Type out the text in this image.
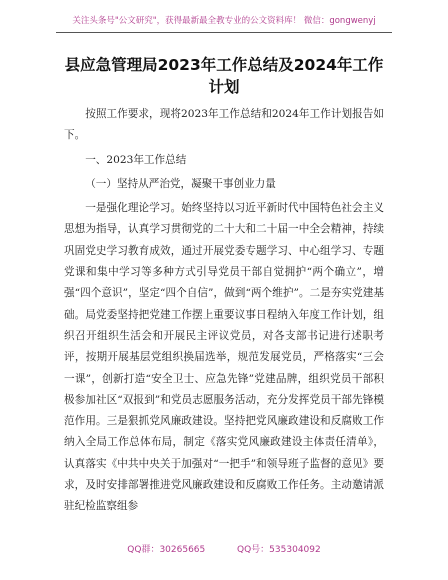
关注头条号"公文研究"，获得最新最全教专业的公文资料库！ 微信：gongwenyj
县应急管理局2023年工作总结及2024年工作
计划

按照工作要求，现将2023年工作总结和2024年工作计划报告如下。

一、2023年工作总结

（一）坚持从严治党，凝聚干事创业力量

一是强化理论学习。始终坚持以习近平新时代中国特色社会主义思想为指导，认真学习贯彻党的二十大和二十届一中全会精神，持续巩固党史学习教育成效，通过开展党委专题学习、中心组学习、专题党课和集中学习等多种方式引导党员干部自觉拥护“两个确立”，增强“四个意识”，坚定“四个自信”，做到“两个维护”。二是夯实党建基础。局党委坚持把党建工作摆上重要议事日程纳入年度工作计划，组织召开组织生活会和开展民主评议党员，对各支部书记进行述职考评，按期开展基层党组织换届选举，规范发展党员，严格落实“三会一课”，创新打造“安全卫士、应急先锋”党建品牌，组织党员干部积极参加社区“双报到”和党员志愿服务活动，充分发挥党员干部先锋模范作用。三是狠抓党风廉政建设。坚持把党风廉政建设和反腐败工作纳入全局工作总体布局，制定《落实党风廉政建设主体责任清单》，认真落实《中共中央关于加强对“一把手”和领导班子监督的意见》要求，及时安排部署推进党风廉政建设和反腐败工作任务。主动邀请派驻纪检监察组参

QQ群：30265665	QQ号：535304092
